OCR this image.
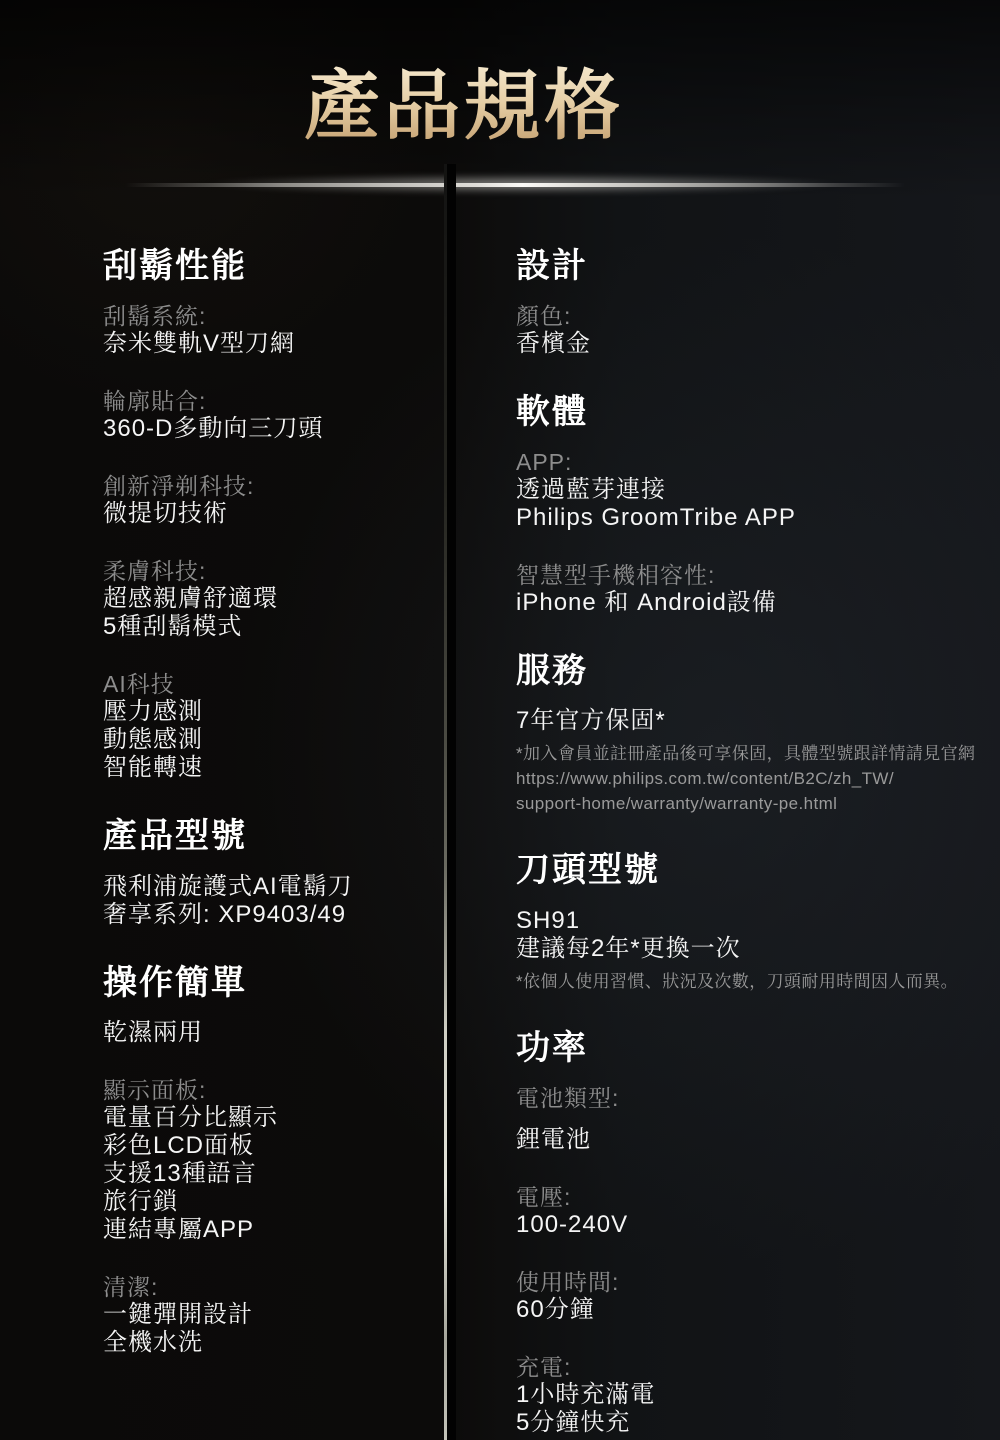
產品規格
刮鬍性能
刮鬍系統:
奈米雙軌V型刀網
輪廓貼合:
360-D多動向三刀頭
創新淨剃科技:
微提切技術
柔膚科技:
超感親膚舒適環
5種刮鬍模式
AI科技
壓力感測
動態感測
智能轉速
產品型號
飛利浦旋護式AI電鬍刀
奢享系列: XP9403/49
操作簡單
乾濕兩用
顯示面板:
電量百分比顯示
彩色LCD面板
支援13種語言
旅行鎖
連結專屬APP
清潔:
一鍵彈開設計
全機水洗
設計
顏色:
香檳金
軟體
APP:
透過藍芽連接
Philips GroomTribe APP
智慧型手機相容性:
iPhone 和 Android設備
服務
7年官方保固*
*加入會員並註冊產品後可享保固，具體型號跟詳情請見官網
https://www.philips.com.tw/content/B2C/zh_TW/
support-home/warranty/warranty-pe.html
刀頭型號
SH91
建議每2年*更換一次
*依個人使用習慣、狀況及次數，刀頭耐用時間因人而異。
功率
電池類型:
鋰電池
電壓:
100-240V
使用時間:
60分鐘
充電:
1小時充滿電
5分鐘快充
